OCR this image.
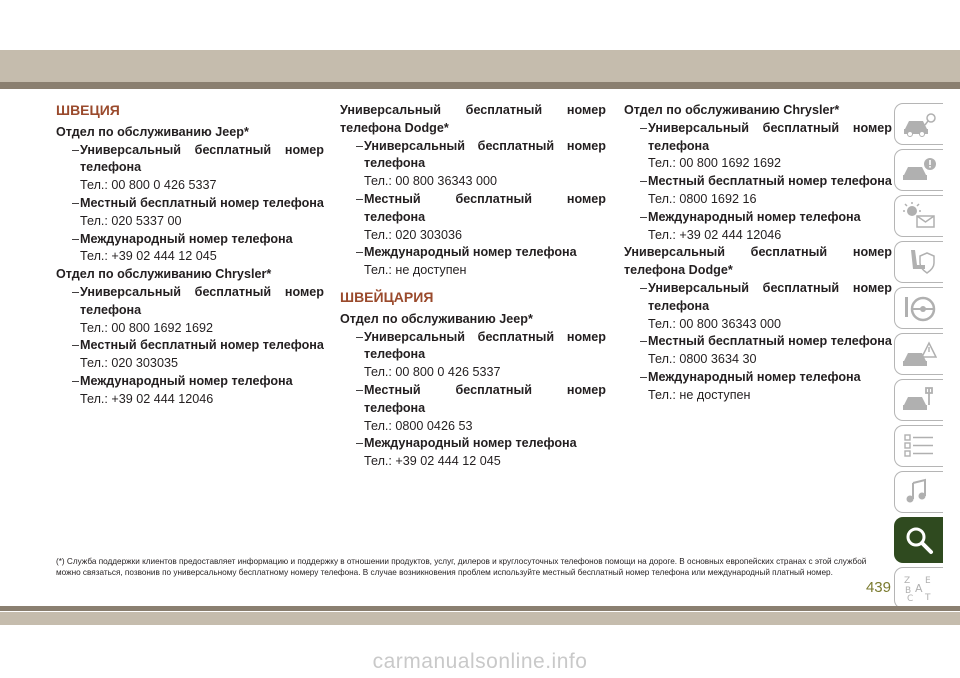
ШВЕЦИЯ
Отдел по обслуживанию Jeep*
– Универсальный бесплатный номер телефона
Тел.: 00 800 0 426 5337
– Местный бесплатный номер телефона
Тел.: 020 5337 00
– Международный номер телефона
Тел.: +39 02 444 12 045
Отдел по обслуживанию Chrysler*
– Универсальный бесплатный номер телефона
Тел.: 00 800 1692 1692
– Местный бесплатный номер телефона
Тел.: 020 303035
– Международный номер телефона
Тел.: +39 02 444 12046
Универсальный бесплатный номер телефона Dodge*
– Универсальный бесплатный номер телефона
Тел.: 00 800 36343 000
– Местный бесплатный номер телефона
Тел.: 020 303036
– Международный номер телефона
Тел.: не доступен
ШВЕЙЦАРИЯ
Отдел по обслуживанию Jeep*
– Универсальный бесплатный номер телефона
Тел.: 00 800 0 426 5337
– Местный бесплатный номер телефона
Тел.: 0800 0426 53
– Международный номер телефона
Тел.: +39 02 444 12 045
Отдел по обслуживанию Chrysler*
– Универсальный бесплатный номер телефона
Тел.: 00 800 1692 1692
– Местный бесплатный номер телефона
Тел.: 0800 1692 16
– Международный номер телефона
Тел.: +39 02 444 12046
Универсальный бесплатный номер телефона Dodge*
– Универсальный бесплатный номер телефона
Тел.: 00 800 36343 000
– Местный бесплатный номер телефона
Тел.: 0800 3634 30
– Международный номер телефона
Тел.: не доступен
Z E
B A
C T
(*) Служба поддержки клиентов предоставляет информацию и поддержку в отношении продуктов, услуг, дилеров и круглосуточных телефонов помощи на дороге. В основных европейских странах с этой службой можно связаться, позвонив по универсальному бесплатному номеру телефона. В случае возникновения проблем используйте местный бесплатный номер телефона или международный платный номер.
439
carmanualsonline.info
